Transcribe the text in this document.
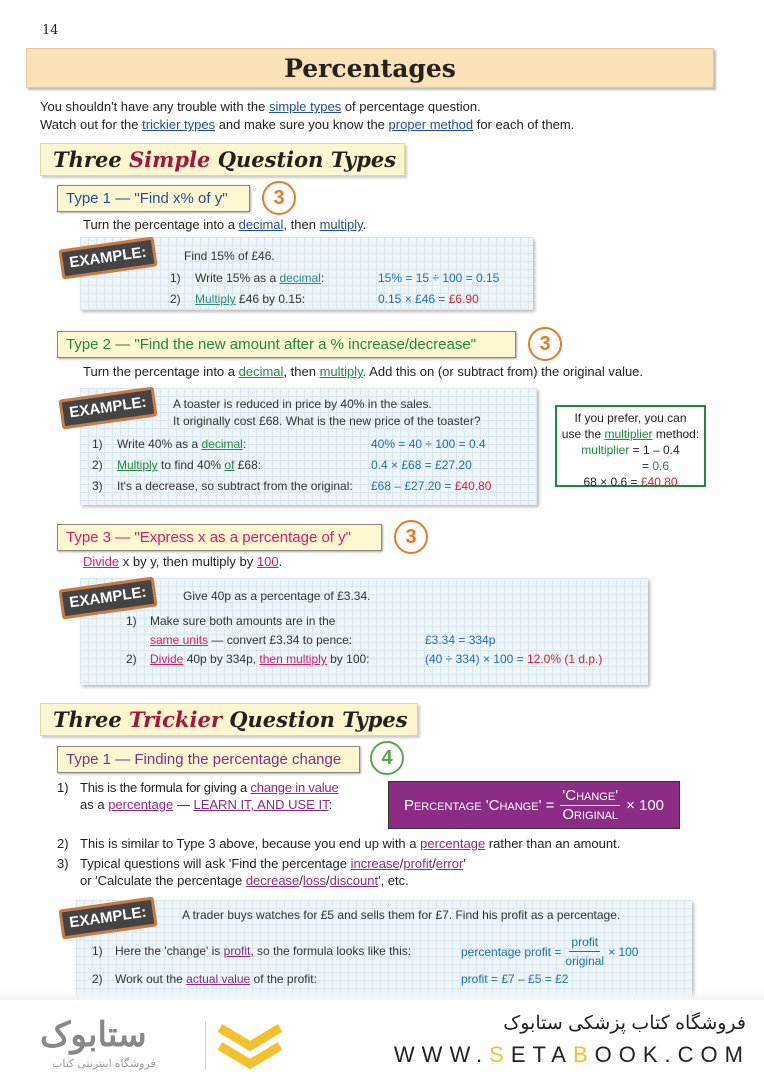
14
Percentages
You shouldn't have any trouble with the simple types of percentage question.
Watch out for the trickier types and make sure you know the proper method for each of them.
Three Simple Question Types
Type 1 — "Find x% of y"	3
Turn the percentage into a decimal, then multiply.
EXAMPLE:	Find 15% of £46.
1) Write 15% as a decimal:	15% = 15 ÷ 100 = 0.15
2) Multiply £46 by 0.15:	0.15 × £46 = £6.90
Type 2 — "Find the new amount after a % increase/decrease"	3
Turn the percentage into a decimal, then multiply. Add this on (or subtract from) the original value.
EXAMPLE:	A toaster is reduced in price by 40% in the sales.
It originally cost £68. What is the new price of the toaster?
1) Write 40% as a decimal:	40% = 40 ÷ 100 = 0.4
2) Multiply to find 40% of £68:	0.4 × £68 = £27.20
3) It's a decrease, so subtract from the original: £68 – £27.20 = £40.80
If you prefer, you can
use the multiplier method:
multiplier = 1 – 0.4
= 0.6
68 × 0.6 = £40.80
Type 3 — "Express x as a percentage of y"	3
Divide x by y, then multiply by 100.
EXAMPLE:	Give 40p as a percentage of £3.34.
1) Make sure both amounts are in the
same units — convert £3.34 to pence:	£3.34 = 334p
2) Divide 40p by 334p, then multiply by 100:	(40 ÷ 334) × 100 = 12.0% (1 d.p.)
Three Trickier Question Types
Type 1 — Finding the percentage change	4
1) This is the formula for giving a change in value
as a percentage — LEARN IT, AND USE IT:	Percentage 'Change' = $\frac{\text{'Change'}}{\text{Original}} \times 100$
2) This is similar to Type 3 above, because you end up with a percentage rather than an amount.
3) Typical questions will ask 'Find the percentage increase/profit/error'
or 'Calculate the percentage decrease/loss/discount', etc.
EXAMPLE:	A trader buys watches for £5 and sells them for £7. Find his profit as a percentage.
1) Here the 'change' is profit, so the formula looks like this:	percentage profit = $\frac{\text{profit}}{\text{original}} \times 100$
2) Work out the actual value of the profit:	profit = £7 – £5 = £2
ستابوک
فروشگاه اینترنتی کتاب
فروشگاه کتاب پزشکی ستابوک
WWW.SETABOOK.COM
